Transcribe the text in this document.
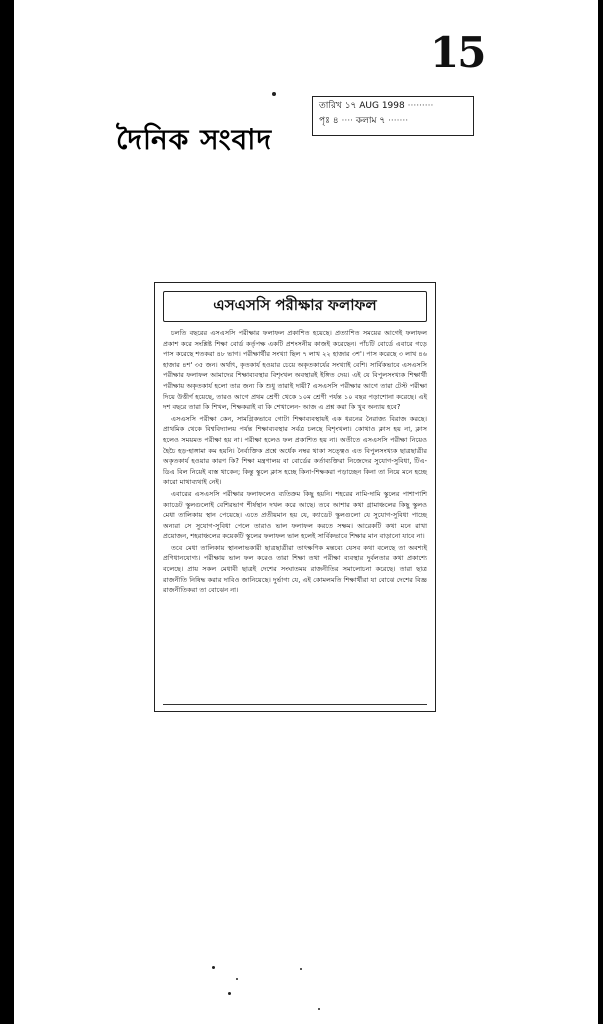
15
দৈনিক সংবাদ
তারিখ ১৭ AUG 1998 ·········
পৃঃ ৪ ···· কলাম ৭ ·······
এসএসসি পরীক্ষার ফলাফল

চলতি বছরের এসএসসি পরীক্ষার ফলাফল প্রকাশিত হয়েছে। প্রত্যাশিত সময়ের আগেই ফলাফল প্রকাশ করে সংশ্লিষ্ট শিক্ষা বোর্ড কর্তৃপক্ষ একটি প্রশংসনীয় কাজই করেছেন। পাঁচটি বোর্ডে এবারে গড়ে পাস করেছে শতকরা ৪৮ ভাগ। পরীক্ষার্থীর সংখ্যা ছিল ৭ লাখ ২২ হাজার ৩শ'। পাস করেছে ৩ লাখ ৪৬ হাজার ৪শ' ৩৫ জন। অর্থাৎ, কৃতকার্য হওয়ার চেয়ে অকৃতকার্যের সংখ্যাই বেশি। সার্বিকভাবে এসএসসি পরীক্ষার ফলাফল আমাদের শিক্ষাব্যবস্থার বিশৃংখল অবস্থারই ইঙ্গিত দেয়। এই যে বিপুলসংখ্যক শিক্ষার্থী পরীক্ষায় অকৃতকার্য হলো তার জন্য কি শুধু তারাই দায়ী? এসএসসি পরীক্ষার আগে তারা টেস্ট পরীক্ষা দিয়ে উত্তীর্ণ হয়েছে, তারও আগে প্রথম শ্রেণী থেকে ১০ম শ্রেণী পর্যন্ত ১০ বছর পড়াশোনা করেছে। এই দশ বছরে তারা কি শিখল, শিক্ষকরাই বা কি শেখালেন- আজ এ প্রশ্ন করা কি খুব অন্যায় হবে?

এসএসসি পরীক্ষা কেন, সামগ্রিকভাবে গোটা শিক্ষাব্যবস্থায়ই এক ধরনের নৈরাজ্য বিরাজ করছে। প্রাথমিক থেকে বিশ্ববিদ্যালয় পর্যন্ত শিক্ষাব্যবস্থার সর্বত্র চলছে বিশৃংখলা। কোথাও ক্লাস হয় না, ক্লাস হলেও সময়মত পরীক্ষা হয় না। পরীক্ষা হলেও ফল প্রকাশিত হয় না। অতীতে এসএসসি পরীক্ষা নিয়েও হৈচৈ হড়-হাঙ্গামা কম হয়নি। নৈর্ব্যক্তিক প্রশ্নে অর্ধেক নম্বর থাকা সত্ত্বেও এত বিপুলসংখ্যক ছাত্রছাত্রীর অকৃতকার্য হওয়ার কারণ কি? শিক্ষা মন্ত্রণালয় বা বোর্ডের কর্তাব্যক্তিরা নিজেদের সুযোগ-সুবিধা, টিএ-ডিএ বিল নিয়েই ব্যস্ত থাকেন; কিন্তু স্কুলে ক্লাস হচ্ছে কিনা-শিক্ষকরা পড়াচ্ছেন কিনা তা নিয়ে মনে হচ্ছে কারো মাথাব্যথাই নেই।

এবারের এসএসসি পরীক্ষার ফলাফলেও ব্যতিক্রম কিছু হয়নি। শহরের নামি-দামি স্কুলের পাশাপাশি ক্যাডেট স্কুলগুলোই বেশিরভাগ শীর্ষস্থান দখল করে আছে। তবে আশার কথা গ্রামাঞ্চলের কিছু স্কুলও মেধা তালিকায় স্থান পেয়েছে। এতে প্রতীয়মান হয় যে, ক্যাডেট স্কুলগুলো যে সুযোগ-সুবিধা পাচ্ছে অন্যরা সে সুযোগ-সুবিধা পেলে তারাও ভাল ফলাফল করতে সক্ষম। আরেকটি কথা মনে রাখা প্রয়োজন, শহরাঞ্চলের কয়েকটি স্কুলের ফলাফল ভাল হলেই সার্বিকভাবে শিক্ষার মান বাড়ানো যাবে না।

তবে মেধা তালিকায় স্থানলাভকারী ছাত্রছাত্রীরা তাৎক্ষণিক মন্তব্যে যেসব কথা বলেছে তা অবশ্যই প্রণিধানযোগ্য। পরীক্ষায় ভাল ফল করেও তারা শিক্ষা তথা পরীক্ষা ব্যবস্থার দুর্বলতার কথা প্রকাশ্যে বলেছে। প্রায় সকল মেধাবী ছাত্রই দেশের সংঘাতময় রাজনীতির সমালোচনা করেছে। তারা ছাত্র রাজনীতি নিষিদ্ধ করার দাবিও জানিয়েছে। দুর্ভাগ্য যে, এই কোমলমতি শিক্ষার্থীরা যা বোঝে দেশের বিজ্ঞ রাজনীতিকরা তা বোঝেন না।
